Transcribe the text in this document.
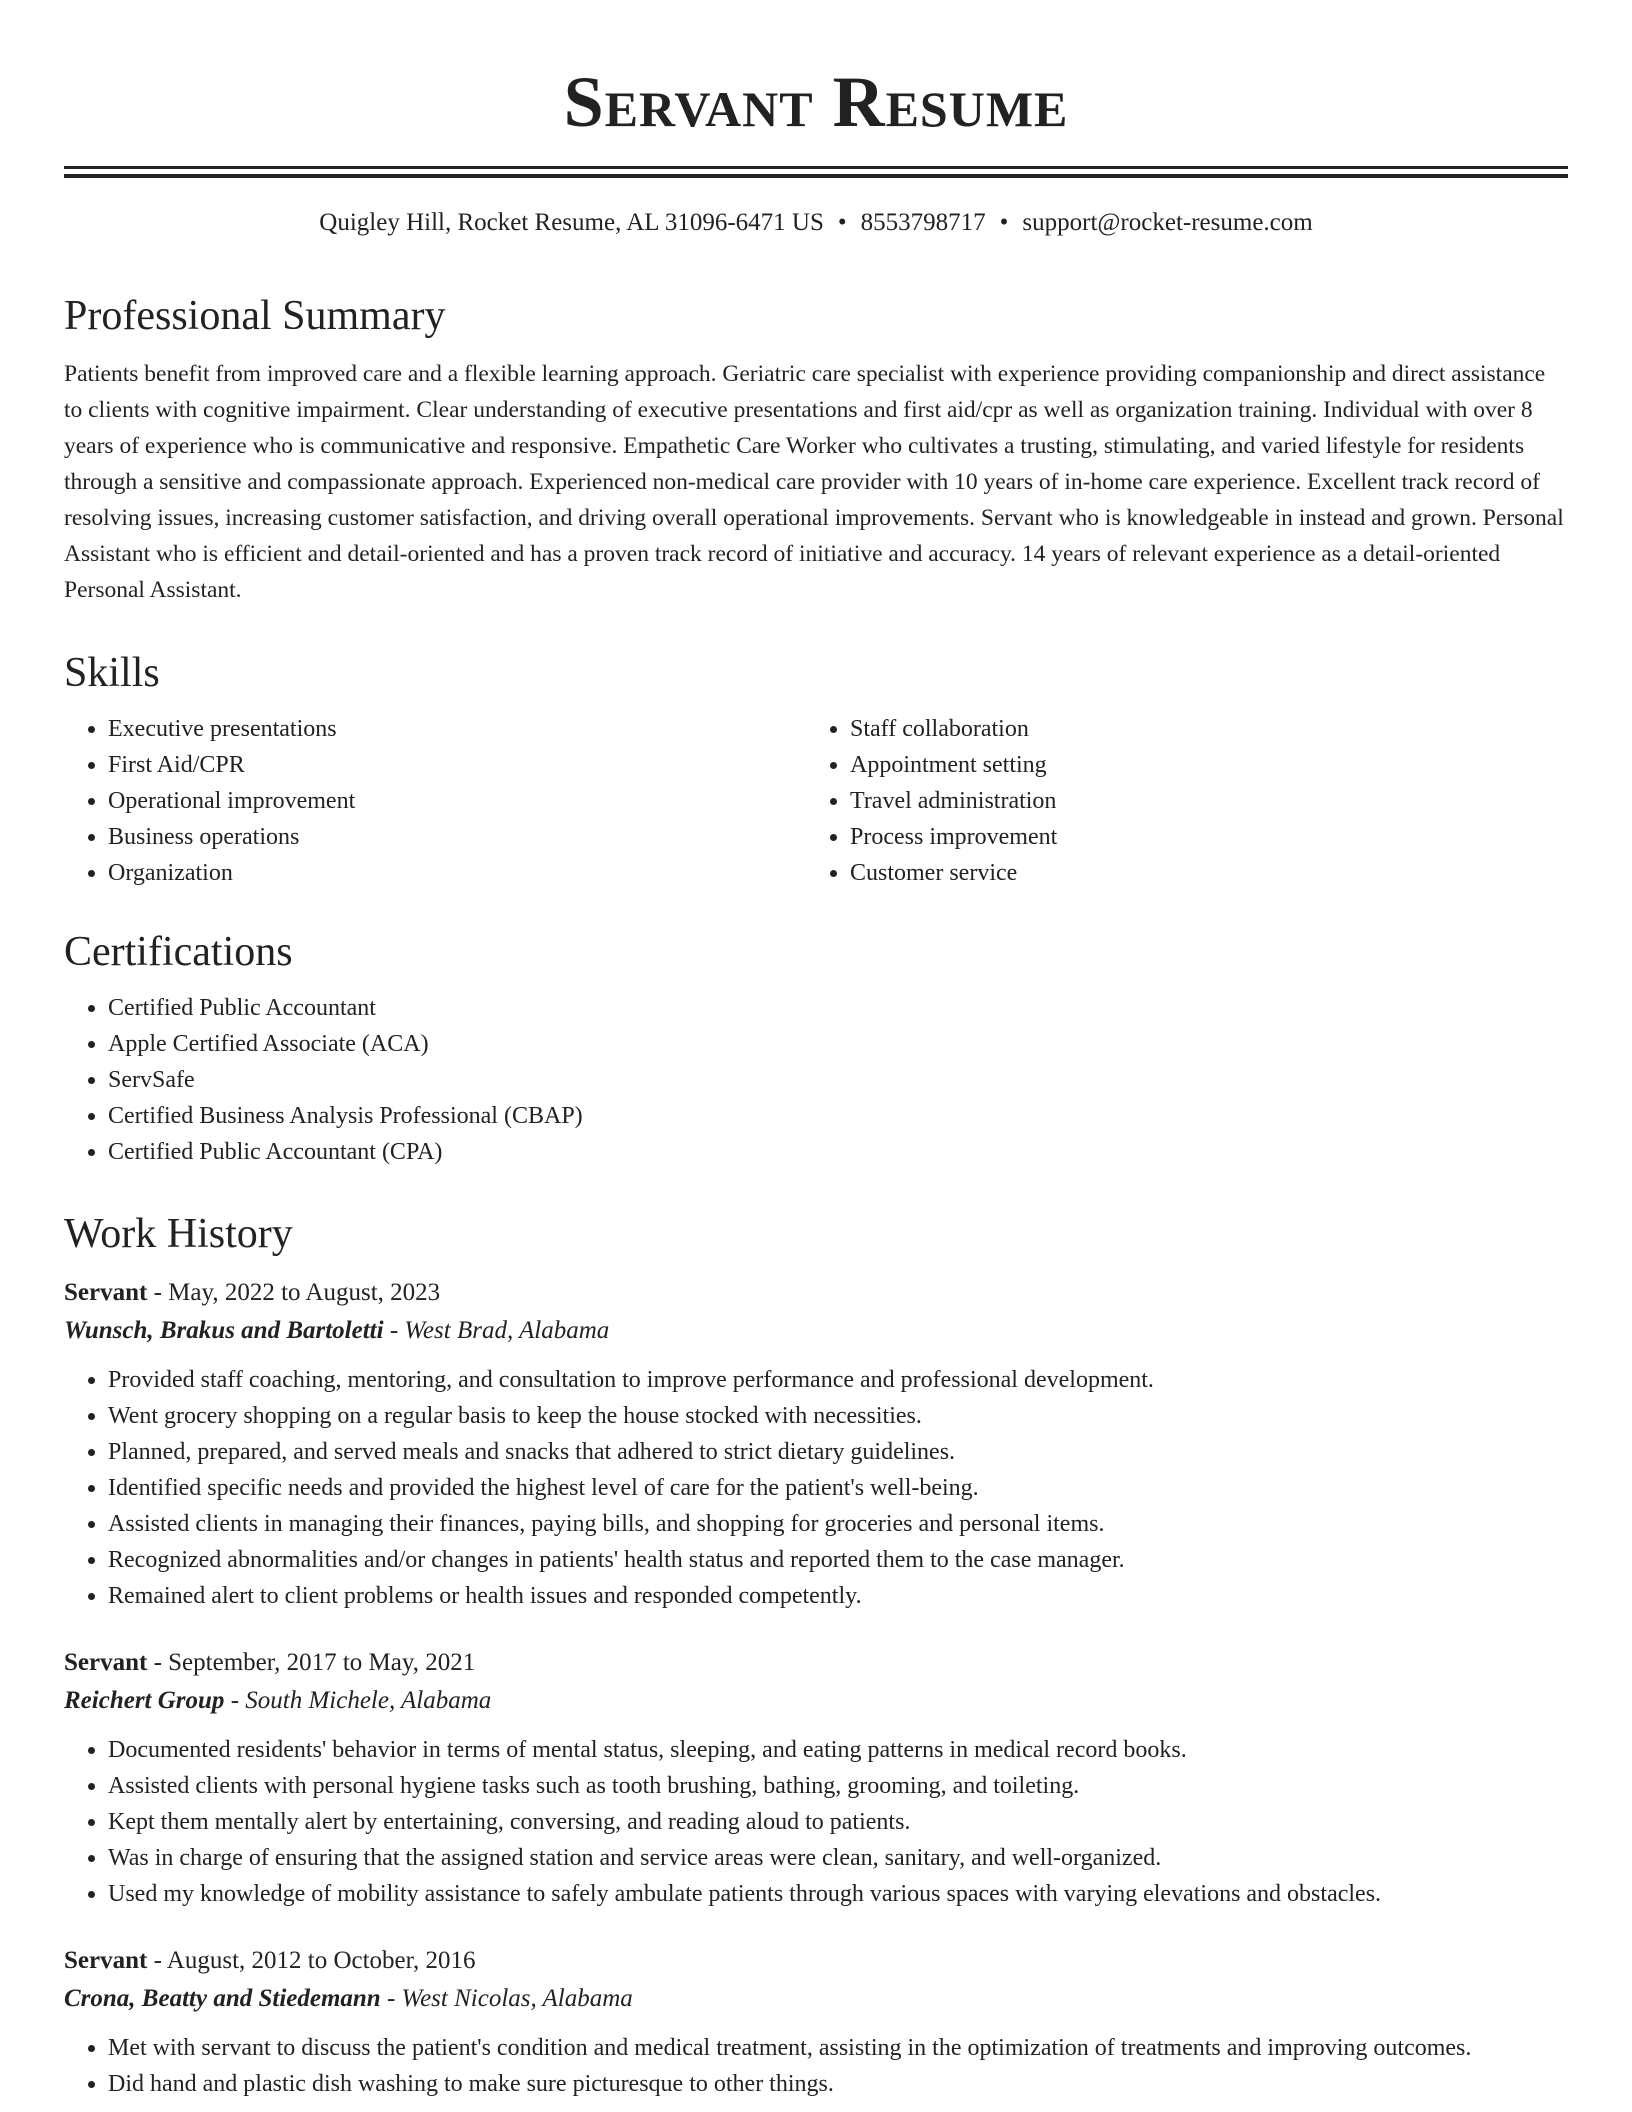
Servant Resume
Quigley Hill, Rocket Resume, AL 31096-6471 US • 8553798717 • support@rocket-resume.com
Professional Summary

Patients benefit from improved care and a flexible learning approach. Geriatric care specialist with experience providing companionship and direct assistance to clients with cognitive impairment. Clear understanding of executive presentations and first aid/cpr as well as organization training. Individual with over 8 years of experience who is communicative and responsive. Empathetic Care Worker who cultivates a trusting, stimulating, and varied lifestyle for residents through a sensitive and compassionate approach. Experienced non-medical care provider with 10 years of in-home care experience. Excellent track record of resolving issues, increasing customer satisfaction, and driving overall operational improvements. Servant who is knowledgeable in instead and grown. Personal Assistant who is efficient and detail-oriented and has a proven track record of initiative and accuracy. 14 years of relevant experience as a detail-oriented Personal Assistant.

Skills
• Executive presentations
• First Aid/CPR
• Operational improvement
• Business operations
• Organization
• Staff collaboration
• Appointment setting
• Travel administration
• Process improvement
• Customer service
Certifications
• Certified Public Accountant
• Apple Certified Associate (ACA)
• ServSafe
• Certified Business Analysis Professional (CBAP)
• Certified Public Accountant (CPA)
Work History
Servant - May, 2022 to August, 2023
Wunsch, Brakus and Bartoletti - West Brad, Alabama
• Provided staff coaching, mentoring, and consultation to improve performance and professional development.
• Went grocery shopping on a regular basis to keep the house stocked with necessities.
• Planned, prepared, and served meals and snacks that adhered to strict dietary guidelines.
• Identified specific needs and provided the highest level of care for the patient's well-being.
• Assisted clients in managing their finances, paying bills, and shopping for groceries and personal items.
• Recognized abnormalities and/or changes in patients' health status and reported them to the case manager.
• Remained alert to client problems or health issues and responded competently.
Servant - September, 2017 to May, 2021
Reichert Group - South Michele, Alabama
• Documented residents' behavior in terms of mental status, sleeping, and eating patterns in medical record books.
• Assisted clients with personal hygiene tasks such as tooth brushing, bathing, grooming, and toileting.
• Kept them mentally alert by entertaining, conversing, and reading aloud to patients.
• Was in charge of ensuring that the assigned station and service areas were clean, sanitary, and well-organized.
• Used my knowledge of mobility assistance to safely ambulate patients through various spaces with varying elevations and obstacles.
Servant - August, 2012 to October, 2016
Crona, Beatty and Stiedemann - West Nicolas, Alabama
• Met with servant to discuss the patient's condition and medical treatment, assisting in the optimization of treatments and improving outcomes.
• Did hand and plastic dish washing to make sure picturesque to other things.
